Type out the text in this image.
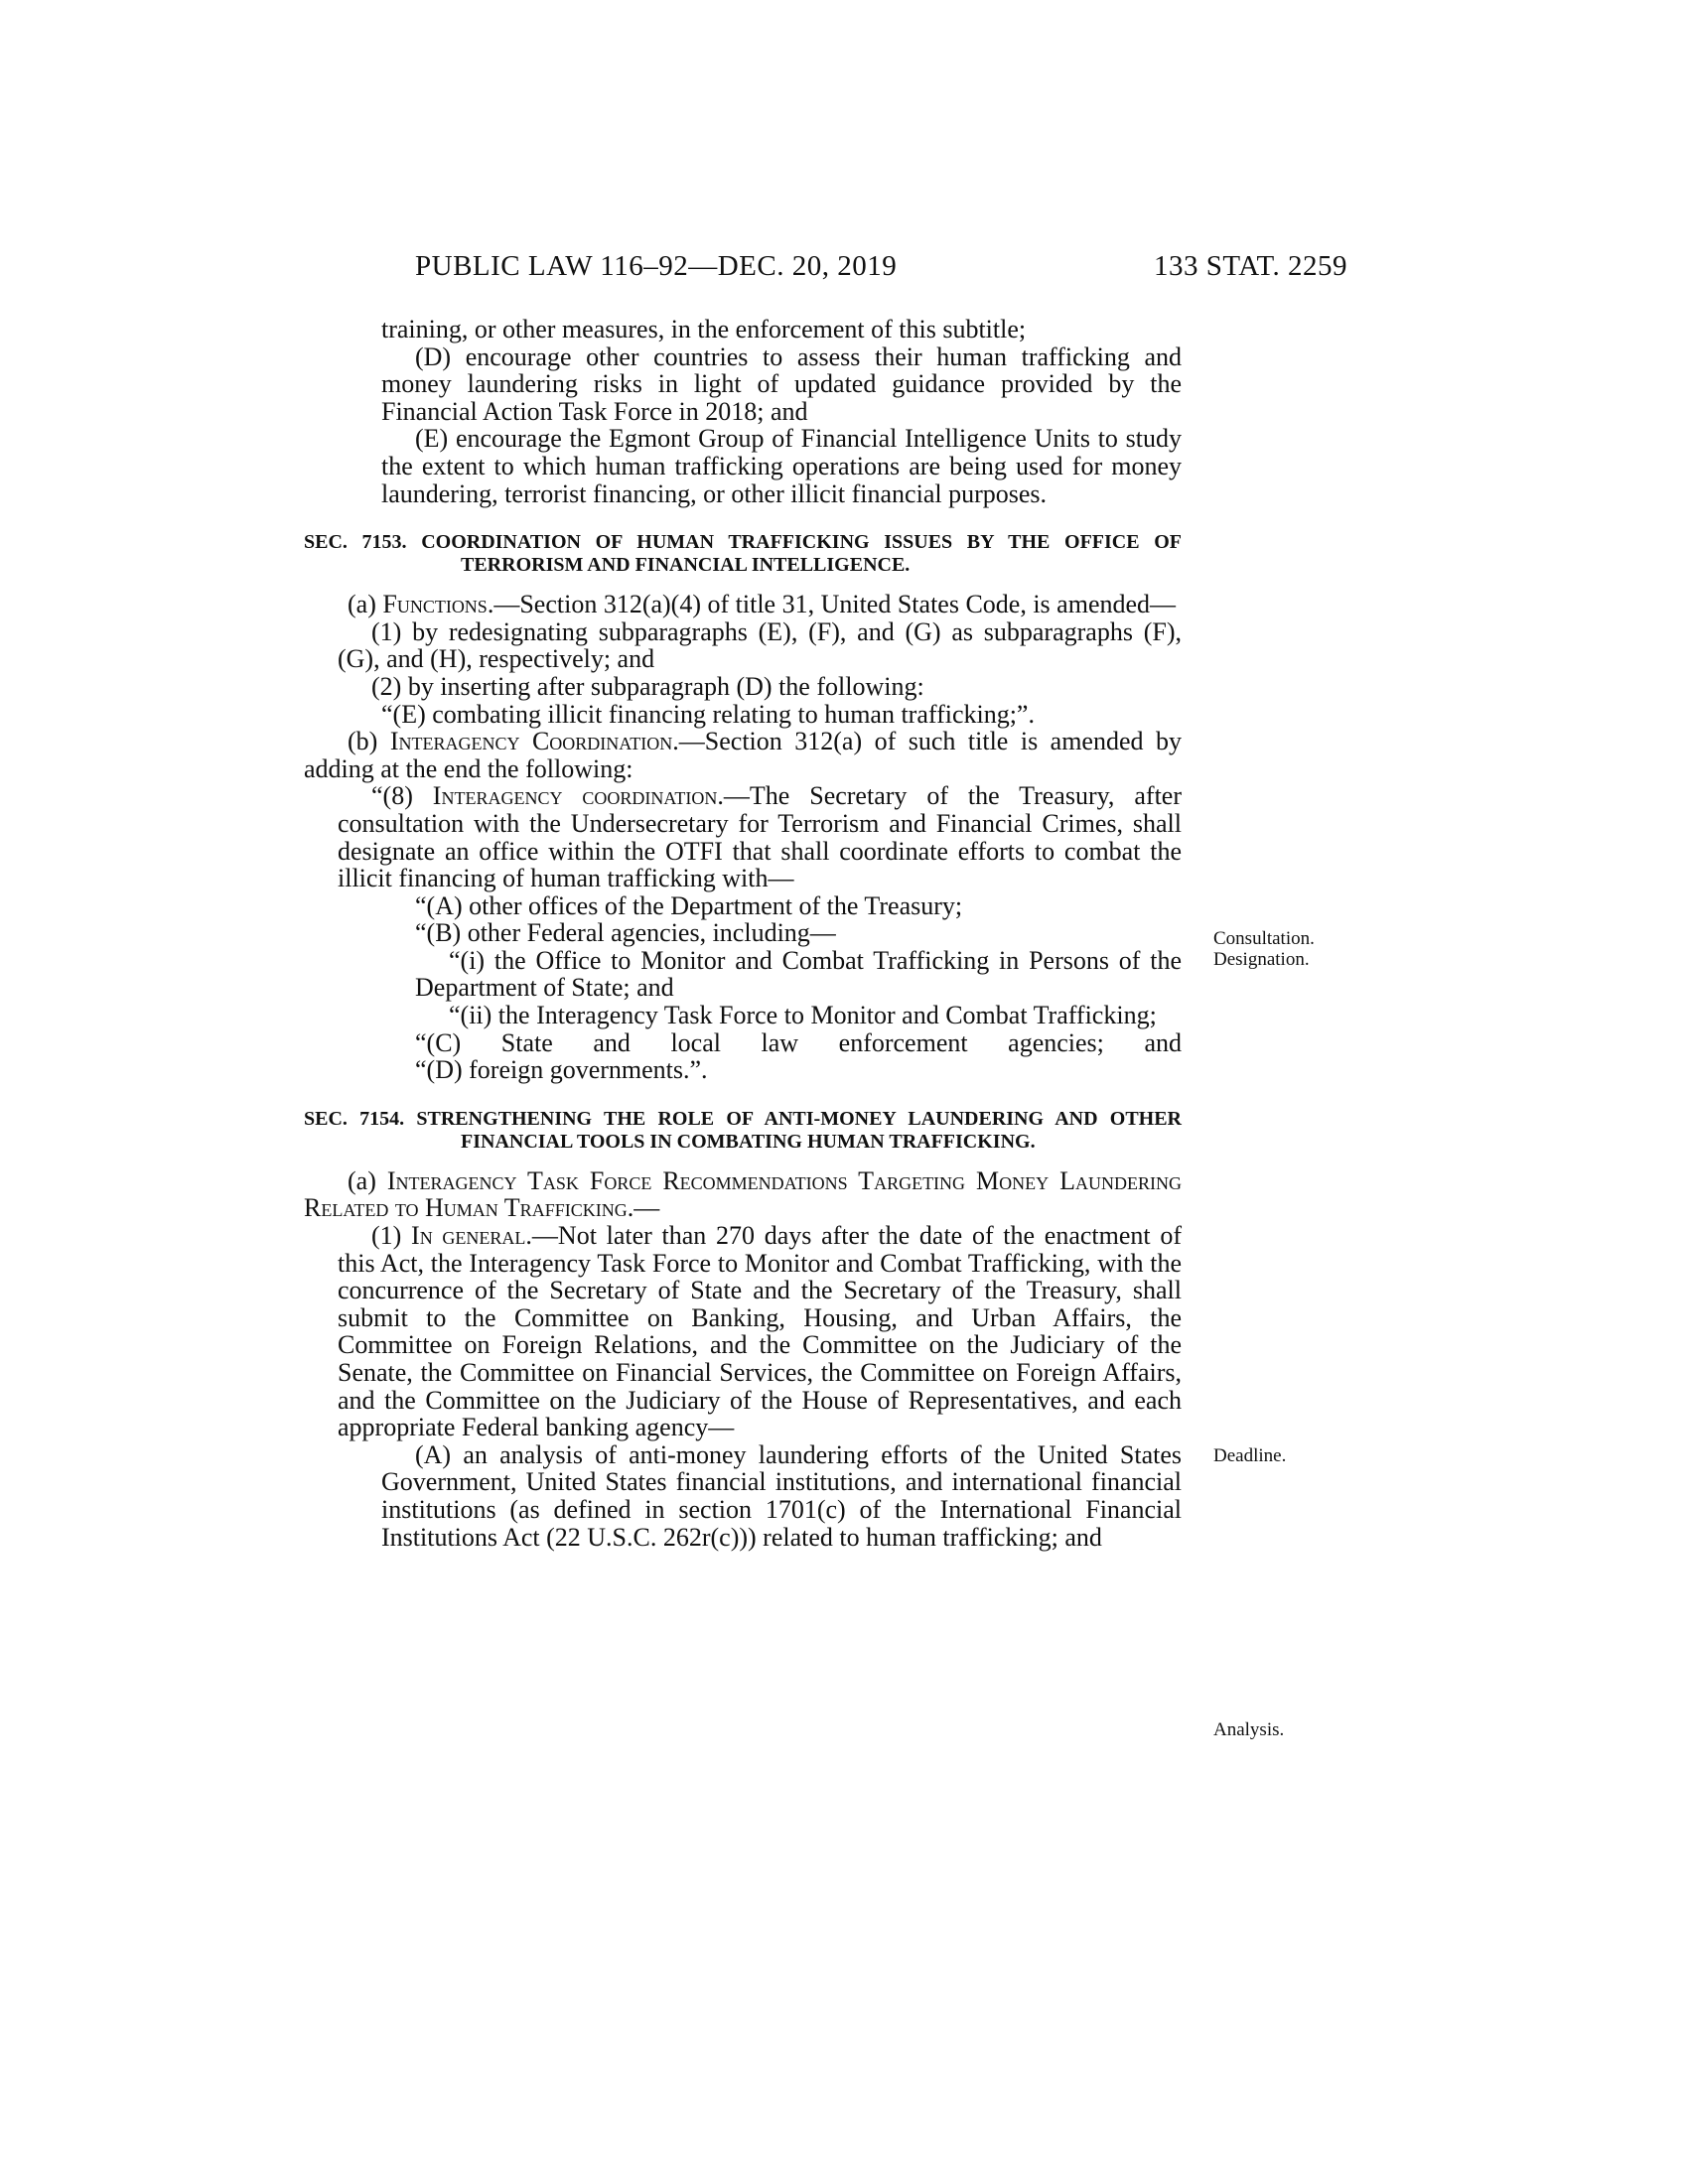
PUBLIC LAW 116–92—DEC. 20, 2019	133 STAT. 2259
Consultation.
Designation.
Deadline.
Analysis.

training, or other measures, in the enforcement of this subtitle;

(D) encourage other countries to assess their human trafficking and money laundering risks in light of updated guidance provided by the Financial Action Task Force in 2018; and

(E) encourage the Egmont Group of Financial Intelligence Units to study the extent to which human trafficking operations are being used for money laundering, terrorist financing, or other illicit financial purposes.

SEC. 7153. COORDINATION OF HUMAN TRAFFICKING ISSUES BY THE OFFICE OF TERRORISM AND FINANCIAL INTELLIGENCE.

(a) Functions.—Section 312(a)(4) of title 31, United States Code, is amended—

(1) by redesignating subparagraphs (E), (F), and (G) as subparagraphs (F), (G), and (H), respectively; and

(2) by inserting after subparagraph (D) the following:

“(E) combating illicit financing relating to human trafficking;”.

(b) Interagency Coordination.—Section 312(a) of such title is amended by adding at the end the following:

“(8) Interagency coordination.—The Secretary of the Treasury, after consultation with the Undersecretary for Terrorism and Financial Crimes, shall designate an office within the OTFI that shall coordinate efforts to combat the illicit financing of human trafficking with—

“(A) other offices of the Department of the Treasury;

“(B) other Federal agencies, including—

“(i) the Office to Monitor and Combat Trafficking in Persons of the Department of State; and

“(ii) the Interagency Task Force to Monitor and Combat Trafficking;

“(C) State and local law enforcement agencies; and

“(D) foreign governments.”.

SEC. 7154. STRENGTHENING THE ROLE OF ANTI-MONEY LAUNDERING AND OTHER FINANCIAL TOOLS IN COMBATING HUMAN TRAFFICKING.

(a) Interagency Task Force Recommendations Targeting Money Laundering Related to Human Trafficking.—

(1) In general.—Not later than 270 days after the date of the enactment of this Act, the Interagency Task Force to Monitor and Combat Trafficking, with the concurrence of the Secretary of State and the Secretary of the Treasury, shall submit to the Committee on Banking, Housing, and Urban Affairs, the Committee on Foreign Relations, and the Committee on the Judiciary of the Senate, the Committee on Financial Services, the Committee on Foreign Affairs, and the Committee on the Judiciary of the House of Representatives, and each appropriate Federal banking agency—

(A) an analysis of anti-money laundering efforts of the United States Government, United States financial institutions, and international financial institutions (as defined in section 1701(c) of the International Financial Institutions Act (22 U.S.C. 262r(c))) related to human trafficking; and
